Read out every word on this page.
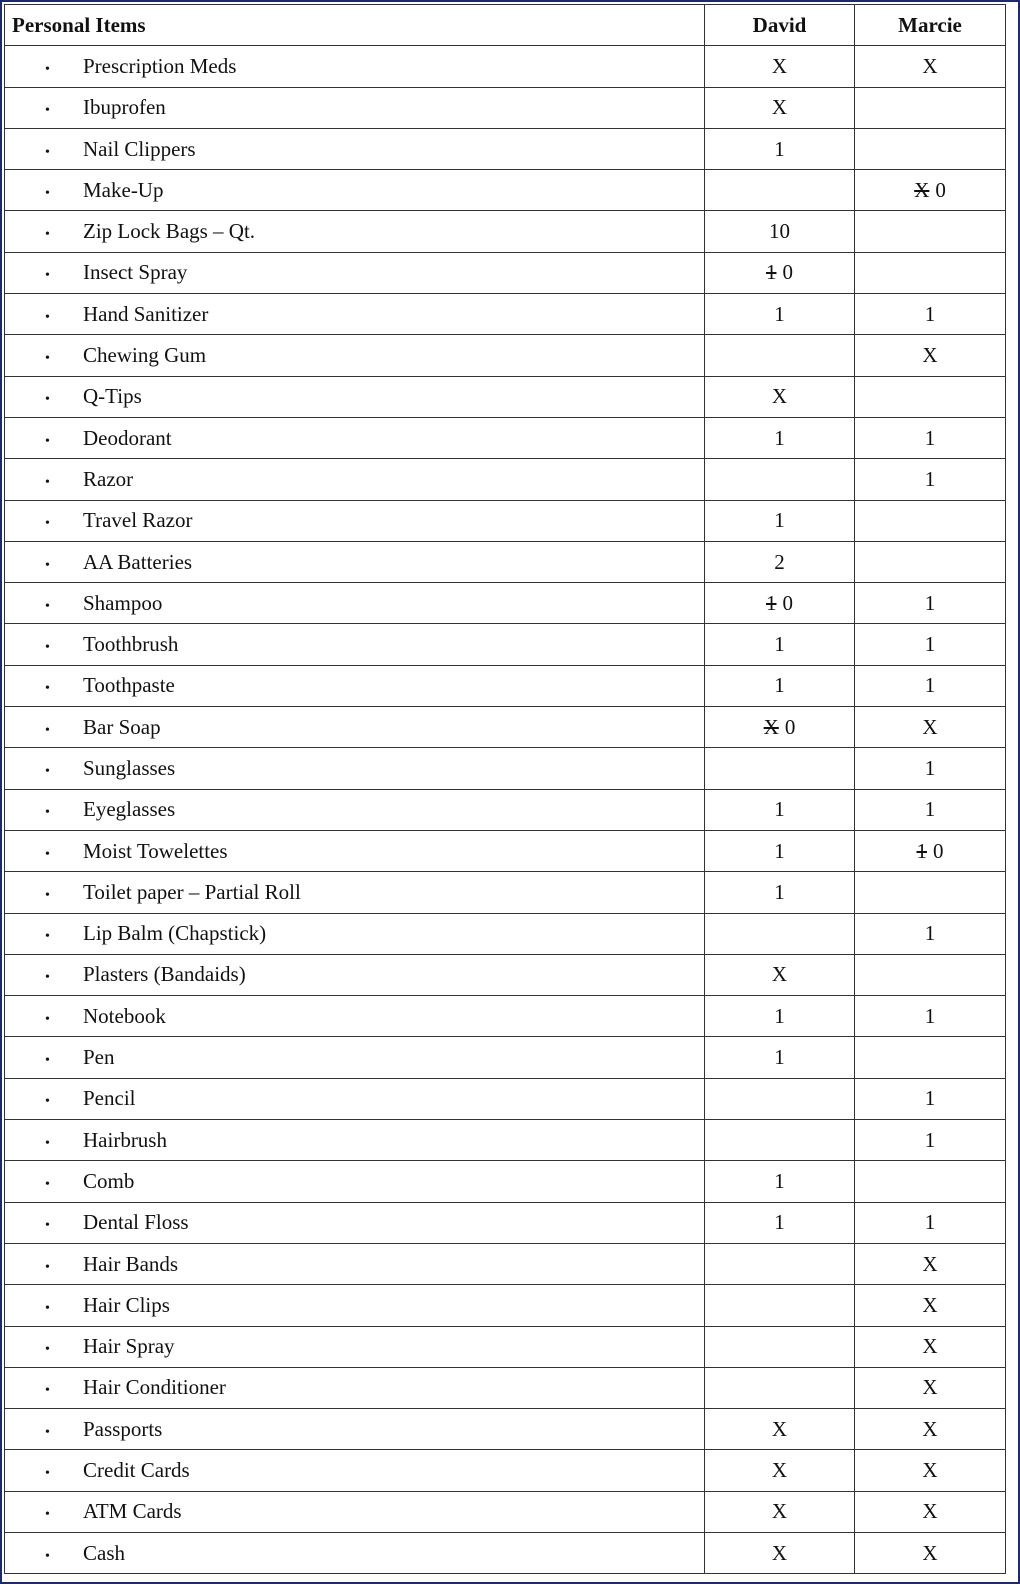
Personal Items	David	Marcie
• Prescription Meds	X	X
• Ibuprofen	X	
• Nail Clippers	1	
• Make-Up		X 0
• Zip Lock Bags – Qt.	10	
• Insect Spray	1 0	
• Hand Sanitizer	1	1
• Chewing Gum		X
• Q-Tips	X	
• Deodorant	1	1
• Razor		1
• Travel Razor	1	
• AA Batteries	2	
• Shampoo	1 0	1
• Toothbrush	1	1
• Toothpaste	1	1
• Bar Soap	X 0	X
• Sunglasses		1
• Eyeglasses	1	1
• Moist Towelettes	1	1 0
• Toilet paper – Partial Roll	1	
• Lip Balm (Chapstick)		1
• Plasters (Bandaids)	X	
• Notebook	1	1
• Pen	1	
• Pencil		1
• Hairbrush		1
• Comb	1	
• Dental Floss	1	1
• Hair Bands		X
• Hair Clips		X
• Hair Spray		X
• Hair Conditioner		X
• Passports	X	X
• Credit Cards	X	X
• ATM Cards	X	X
• Cash	X	X
